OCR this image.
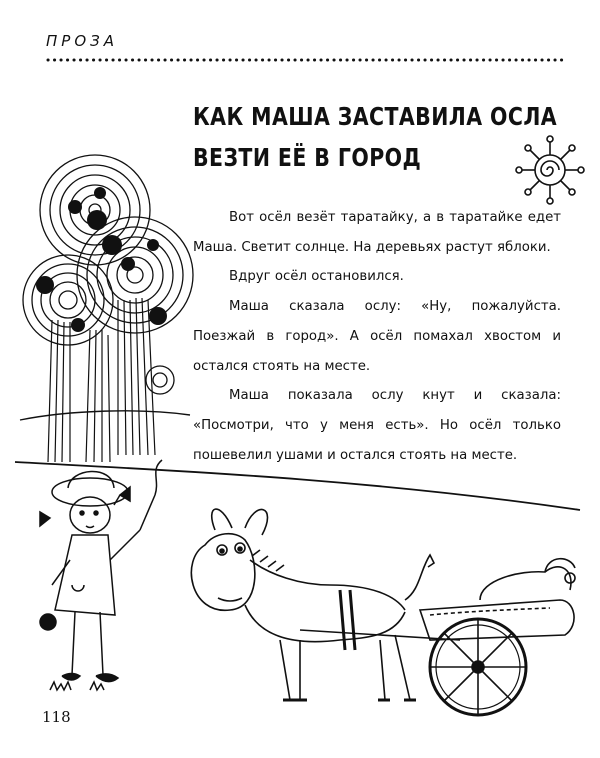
ПРОЗА
КАК МАША ЗАСТАВИЛА ОСЛА
ВЕЗТИ ЕЁ В ГОРОД

Вот осёл везёт таратайку, а в таратайке едет Маша. Светит солнце. На деревьях растут яблоки.

Вдруг осёл остановился.

Маша сказала ослу: «Ну, пожалуйста. Поезжай в город». А осёл помахал хвостом и остался стоять на месте.

Маша показала ослу кнут и сказала: «Посмотри, что у меня есть». Но осёл только пошевелил ушами и остался стоять на месте.

118
